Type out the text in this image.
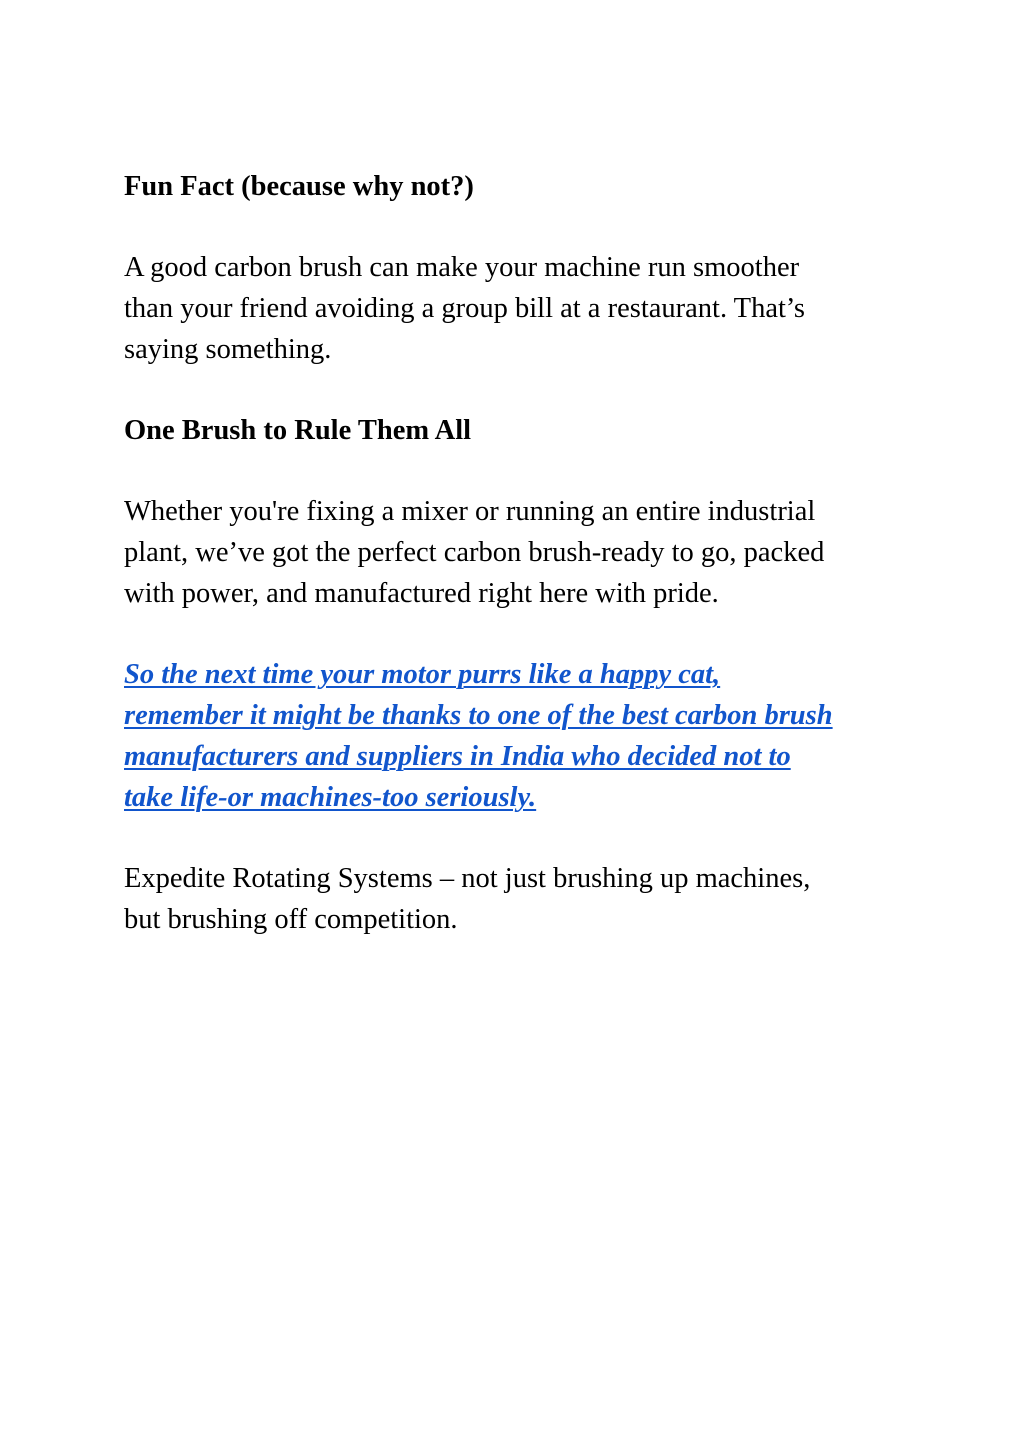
Fun Fact (because why not?)
A good carbon brush can make your machine run smoother
than your friend avoiding a group bill at a restaurant. That’s
saying something.
One Brush to Rule Them All
Whether you're fixing a mixer or running an entire industrial
plant, we’ve got the perfect carbon brush-ready to go, packed
with power, and manufactured right here with pride.
So the next time your motor purrs like a happy cat,
remember it might be thanks to one of the best carbon brush
manufacturers and suppliers in India who decided not to
take life-or machines-too seriously.
Expedite Rotating Systems – not just brushing up machines,
but brushing off competition.
